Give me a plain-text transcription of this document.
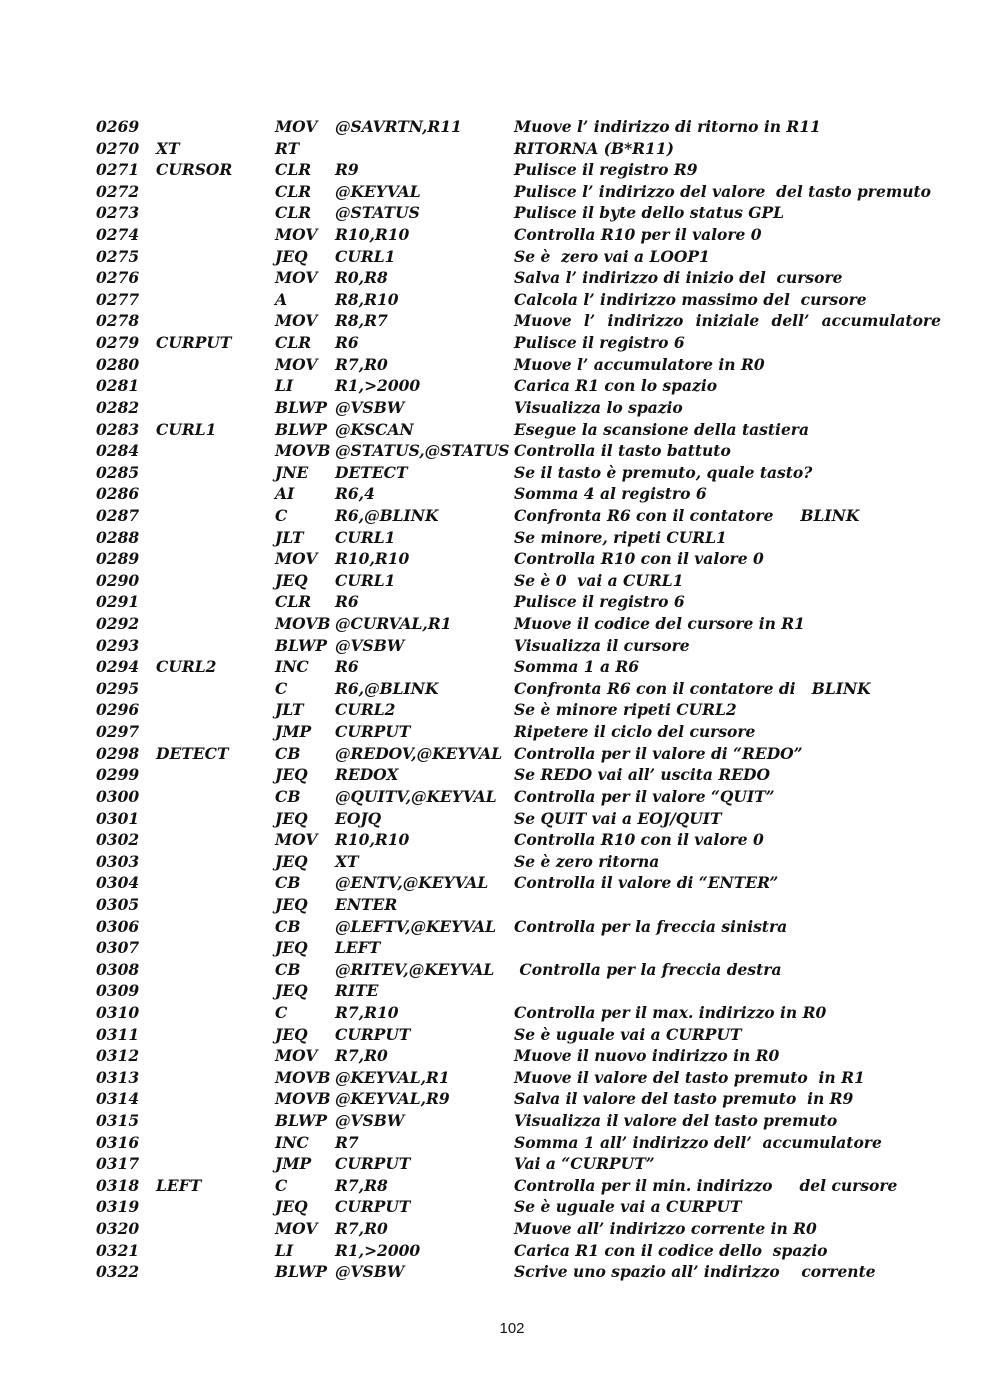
0269	MOV @SAVRTN,R11	Muove l’ indirizzo di ritorno in R11
0270 XT	RT	RITORNA (B*R11)
0271 CURSOR	CLR R9	Pulisce il registro R9
0272	CLR @KEYVAL	Pulisce l’ indirizzo del valore  del tasto premuto
0273	CLR @STATUS	Pulisce il byte dello status GPL
0274	MOV R10,R10	Controlla R10 per il valore 0
0275	JEQ CURL1	Se è  zero vai a LOOP1
0276	MOV R0,R8	Salva l’ indirizzo di inizio del  cursore
0277	A	R8,R10	Calcola l’ indirizzo massimo del  cursore
0278	MOV R8,R7	Muove l’ indirizzo iniziale dell’ accumulatore
0279 CURPUT	CLR R6	Pulisce il registro 6
0280	MOV R7,R0	Muove l’ accumulatore in R0
0281	LI	R1,>2000	Carica R1 con lo spazio
0282	BLWP @VSBW	Visualizza lo spazio
0283 CURL1	BLWP @KSCAN	Esegue la scansione della tastiera
0284	MOVB @STATUS,@STATUS Controlla il tasto battuto
0285	JNE DETECT	Se il tasto è premuto, quale tasto?
0286	AI	R6,4	Somma 4 al registro 6
0287	C	R6,@BLINK	Confronta R6 con il contatore     BLINK
0288	JLT CURL1	Se minore, ripeti CURL1
0289	MOV R10,R10	Controlla R10 con il valore 0
0290	JEQ CURL1	Se è 0  vai a CURL1
0291	CLR R6	Pulisce il registro 6
0292	MOVB @CURVAL,R1	Muove il codice del cursore in R1
0293	BLWP @VSBW	Visualizza il cursore
0294 CURL2	INC R6	Somma 1 a R6
0295	C	R6,@BLINK	Confronta R6 con il contatore di   BLINK
0296	JLT CURL2	Se è minore ripeti CURL2
0297	JMP CURPUT	Ripetere il ciclo del cursore
0298 DETECT	CB @REDOV,@KEYVAL Controlla per il valore di “REDO”
0299	JEQ REDOX	Se REDO vai all’ uscita REDO
0300	CB @QUITV,@KEYVAL Controlla per il valore “QUIT”
0301	JEQ EOJQ	Se QUIT vai a EOJ/QUIT
0302	MOV R10,R10	Controlla R10 con il valore 0
0303	JEQ XT	Se è zero ritorna
0304	CB @ENTV,@KEYVAL Controlla il valore di “ENTER”
0305	JEQ ENTER
0306	CB @LEFTV,@KEYVAL Controlla per la freccia sinistra
0307	JEQ LEFT
0308	CB @RITEV,@KEYVAL Controlla per la freccia destra
0309	JEQ RITE
0310	C	R7,R10	Controlla per il max. indirizzo in R0
0311	JEQ CURPUT	Se è uguale vai a CURPUT
0312	MOV R7,R0	Muove il nuovo indirizzo in R0
0313	MOVB @KEYVAL,R1	Muove il valore del tasto premuto  in R1
0314	MOVB @KEYVAL,R9	Salva il valore del tasto premuto  in R9
0315	BLWP @VSBW	Visualizza il valore del tasto premuto
0316	INC R7	Somma 1 all’ indirizzo dell’  accumulatore
0317	JMP CURPUT	Vai a “CURPUT”
0318 LEFT	C	R7,R8	Controlla per il min. indirizzo     del cursore
0319	JEQ CURPUT	Se è uguale vai a CURPUT
0320	MOV R7,R0	Muove all’ indirizzo corrente in R0
0321	LI	R1,>2000	Carica R1 con il codice dello  spazio
0322	BLWP @VSBW	Scrive uno spazio all’ indirizzo    corrente
102
